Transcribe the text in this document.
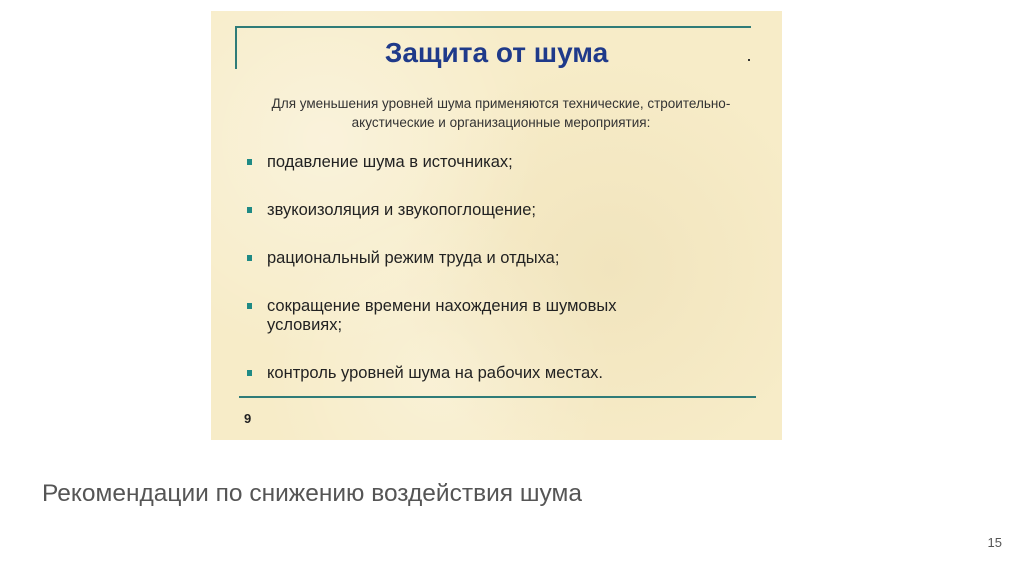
Защита от шума
Для уменьшения уровней шума применяются технические, строительно-акустические и организационные мероприятия:
подавление шума в источниках;
звукоизоляция и звукопоглощение;
рациональный режим труда и отдыха;
сокращение времени нахождения в шумовых условиях;
контроль уровней шума на рабочих местах.
9
Рекомендации по снижению воздействия шума
15
